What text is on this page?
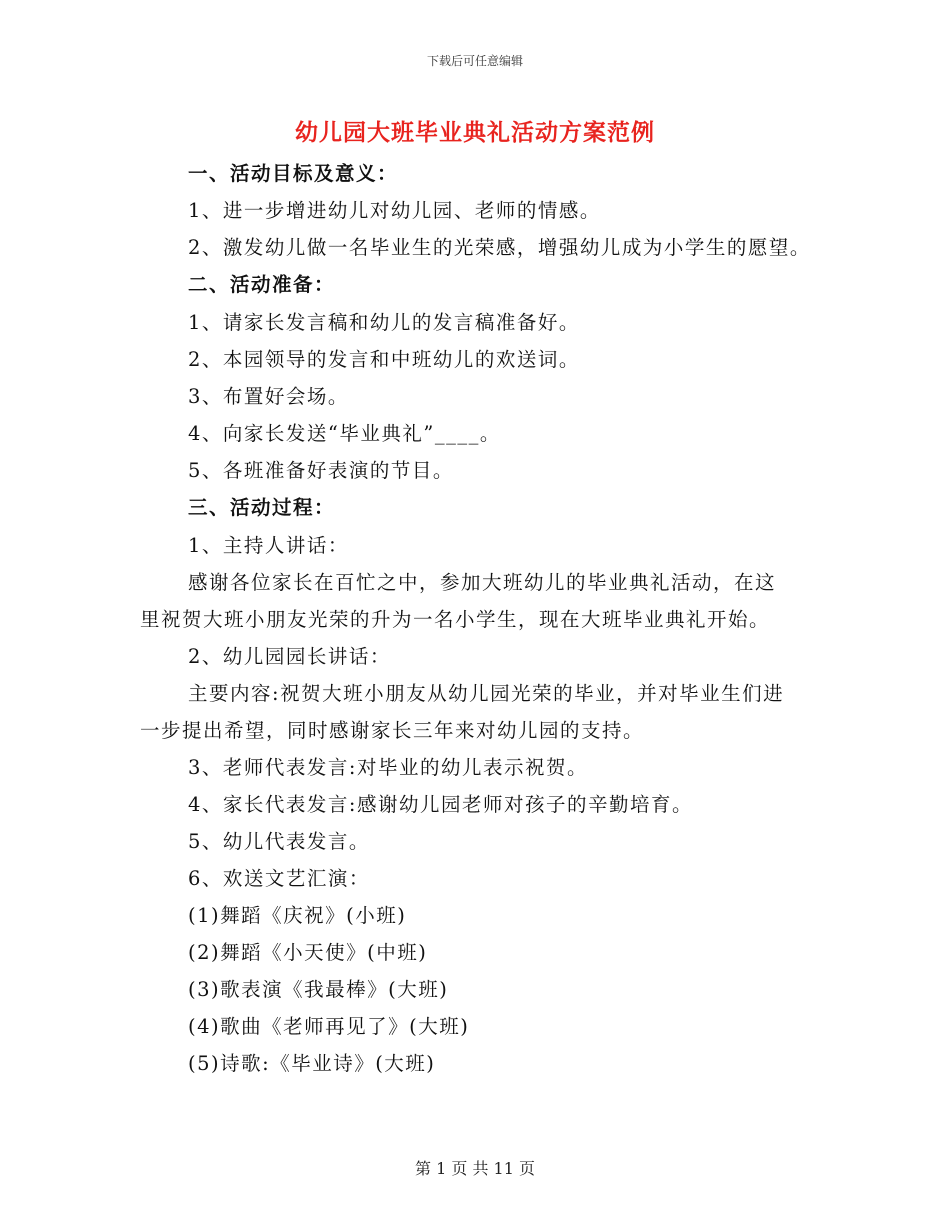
下载后可任意编辑
幼儿园大班毕业典礼活动方案范例
一、活动目标及意义：
1、进一步增进幼儿对幼儿园、老师的情感。
2、激发幼儿做一名毕业生的光荣感，增强幼儿成为小学生的愿望。
二、活动准备：
1、请家长发言稿和幼儿的发言稿准备好。
2、本园领导的发言和中班幼儿的欢送词。
3、布置好会场。
4、向家长发送“毕业典礼”____。
5、各班准备好表演的节目。
三、活动过程：
1、主持人讲话：
感谢各位家长在百忙之中，参加大班幼儿的毕业典礼活动，在这
里祝贺大班小朋友光荣的升为一名小学生，现在大班毕业典礼开始。
2、幼儿园园长讲话：
主要内容:祝贺大班小朋友从幼儿园光荣的毕业，并对毕业生们进
一步提出希望，同时感谢家长三年来对幼儿园的支持。
3、老师代表发言:对毕业的幼儿表示祝贺。
4、家长代表发言:感谢幼儿园老师对孩子的辛勤培育。
5、幼儿代表发言。
6、欢送文艺汇演：
(1)舞蹈《庆祝》(小班)
(2)舞蹈《小天使》(中班)
(3)歌表演《我最棒》(大班)
(4)歌曲《老师再见了》(大班)
(5)诗歌:《毕业诗》(大班)
第 1 页 共 11 页
